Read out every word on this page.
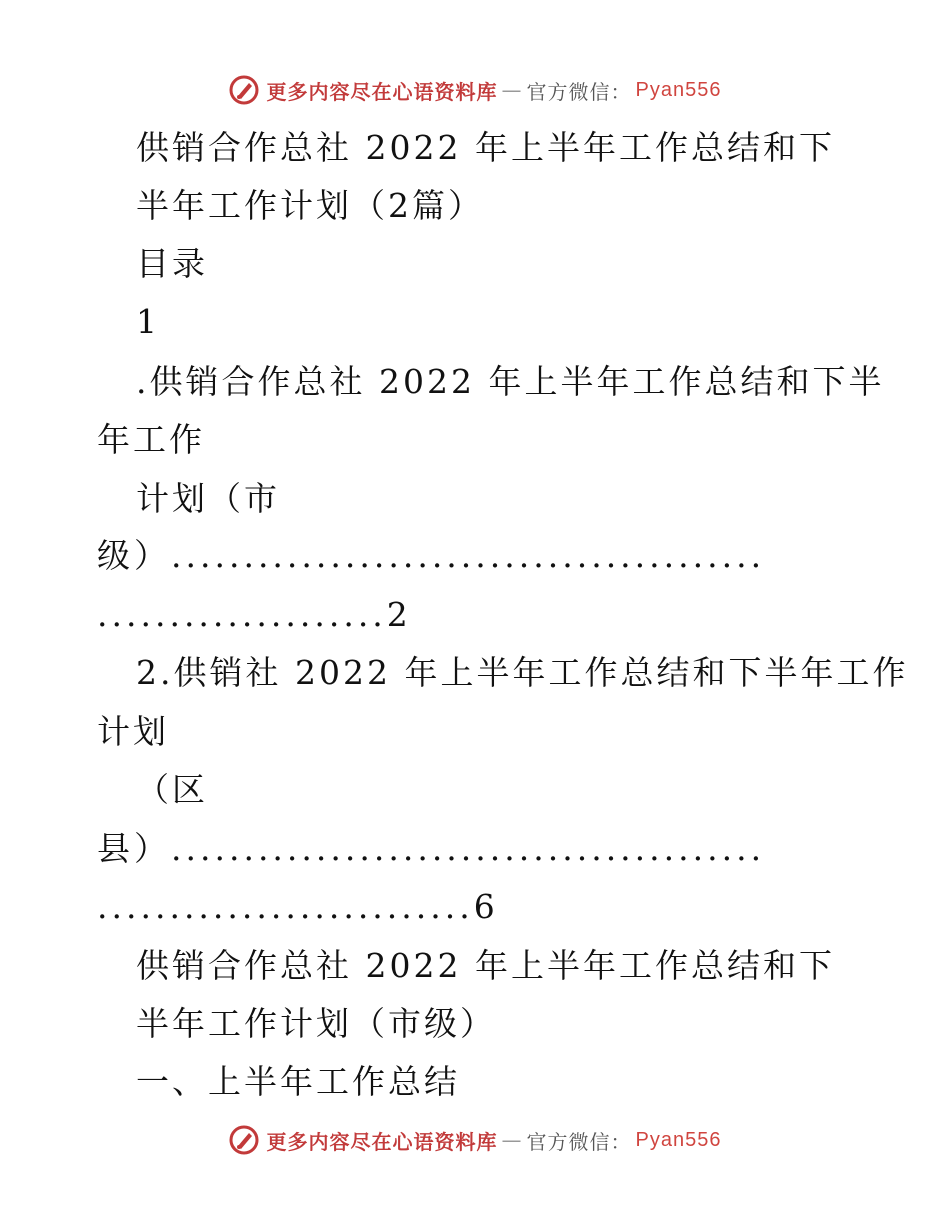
更多内容尽在心语资料库 — 官方微信： Pyan556
供销合作总社 2022 年上半年工作总结和下
半年工作计划（2篇）
目录
1
.供销合作总社 2022 年上半年工作总结和下半
年工作
计划（市
级）.........................................
....................2
2.供销社 2022 年上半年工作总结和下半年工作
计划
（区
县）.........................................
..........................6
供销合作总社 2022 年上半年工作总结和下
半年工作计划（市级）
一、上半年工作总结
更多内容尽在心语资料库 — 官方微信： Pyan556
